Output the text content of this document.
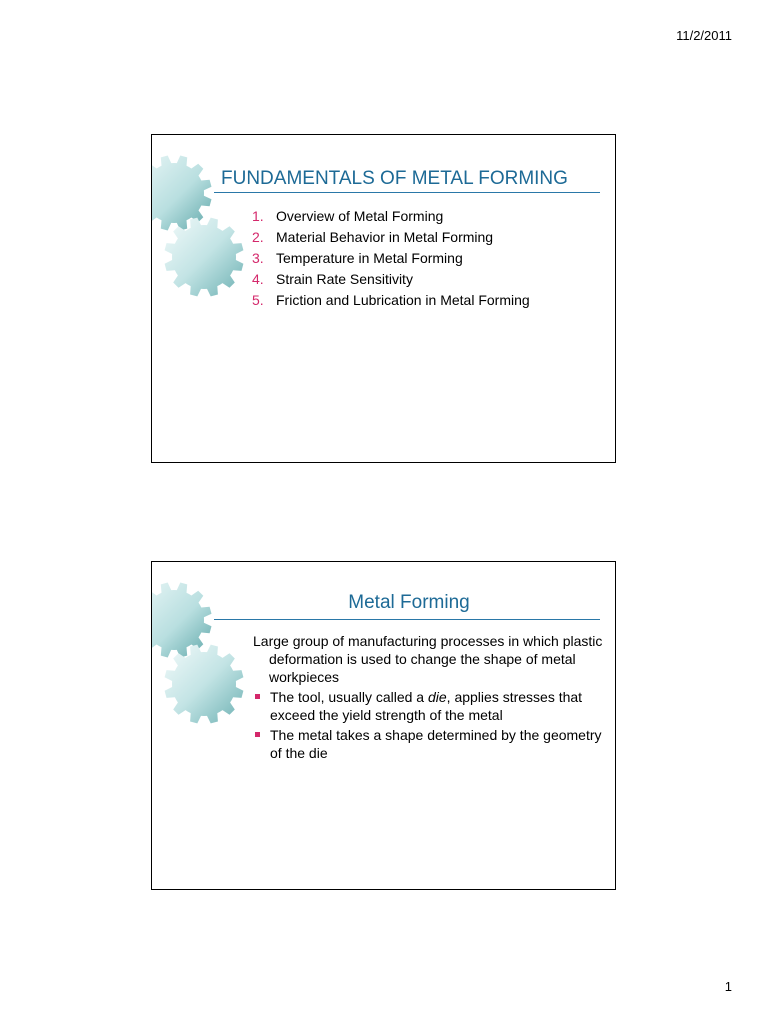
11/2/2011
FUNDAMENTALS OF METAL FORMING
1. Overview of Metal Forming
2. Material Behavior in Metal Forming
3. Temperature in Metal Forming
4. Strain Rate Sensitivity
5. Friction and Lubrication in Metal Forming
Metal Forming

Large group of manufacturing processes in which plastic deformation is used to change the shape of metal workpieces

The tool, usually called a die, applies stresses that exceed the yield strength of the metal
The metal takes a shape determined by the geometry of the die
1
